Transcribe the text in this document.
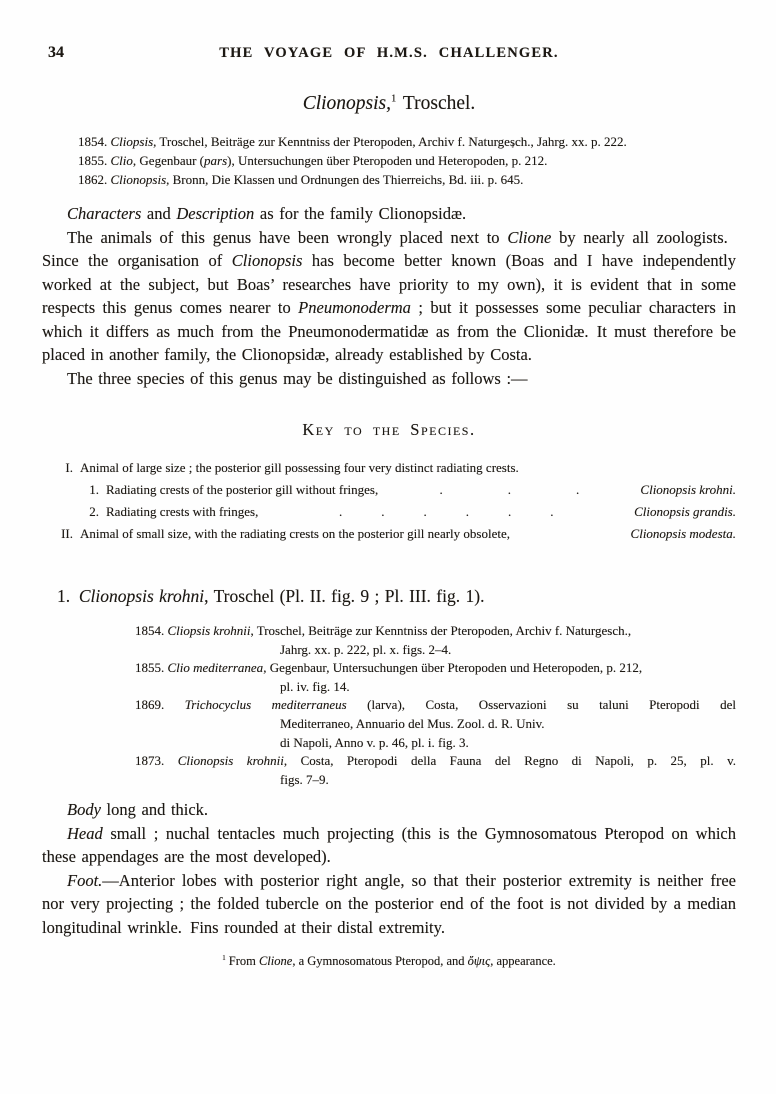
34	THE VOYAGE OF H.M.S. CHALLENGER.
Clionopsis,$^1$ Troschel.
1854. Cliopsis, Troschel, Beiträge zur Kenntniss der Pteropoden, Archiv f. Naturgesch., Jahrg. xx. p. 222.
1855. Clio, Gegenbaur (pars), Untersuchungen über Pteropoden und Heteropoden, p. 212.
1862. Clionopsis, Bronn, Die Klassen und Ordnungen des Thierreichs, Bd. iii. p. 645.

Characters and Description as for the family Clionopsidæ.

The animals of this genus have been wrongly placed next to Clione by nearly all zoologists. Since the organisation of Clionopsis has become better known (Boas and I have independently worked at the subject, but Boas’ researches have priority to my own), it is evident that in some respects this genus comes nearer to Pneumonoderma ; but it possesses some peculiar characters in which it differs as much from the Pneumonodermatidæ as from the Clionidæ. It must therefore be placed in another family, the Clionopsidæ, already established by Costa.

The three species of this genus may be distinguished as follows :—

Key to the Species.
I. Animal of large size ; the posterior gill possessing four very distinct radiating crests.
1. Radiating crests of the posterior gill without fringes,	.     .     .	Clionopsis krohni.
2. Radiating crests with fringes,	.   .   .   .   .   .	Clionopsis grandis.
II. Animal of small size, with the radiating crests on the posterior gill nearly obsolete,	Clionopsis modesta.
1. Clionopsis krohni, Troschel (Pl. II. fig. 9 ; Pl. III. fig. 1).
1854. Cliopsis krohnii, Troschel, Beiträge zur Kenntniss der Pteropoden, Archiv f. Naturgesch.,
Jahrg. xx. p. 222, pl. x. figs. 2–4.
1855. Clio mediterranea, Gegenbaur, Untersuchungen über Pteropoden und Heteropoden, p. 212,
pl. iv. fig. 14.
1869. Trichocyclus mediterraneus (larva), Costa, Osservazioni su taluni Pteropodi del
Mediterraneo, Annuario del Mus. Zool. d. R. Univ.
di Napoli, Anno v. p. 46, pl. i. fig. 3.
1873. Clionopsis krohnii, Costa, Pteropodi della Fauna del Regno di Napoli, p. 25, pl. v.
figs. 7–9.

Body long and thick.

Head small ; nuchal tentacles much projecting (this is the Gymnosomatous Pteropod on which these appendages are the most developed).

Foot.—Anterior lobes with posterior right angle, so that their posterior extremity is neither free nor very projecting ; the folded tubercle on the posterior end of the foot is not divided by a median longitudinal wrinkle. Fins rounded at their distal extremity.

$^1$ From Clione, a Gymnosomatous Pteropod, and ὄψις, appearance.
